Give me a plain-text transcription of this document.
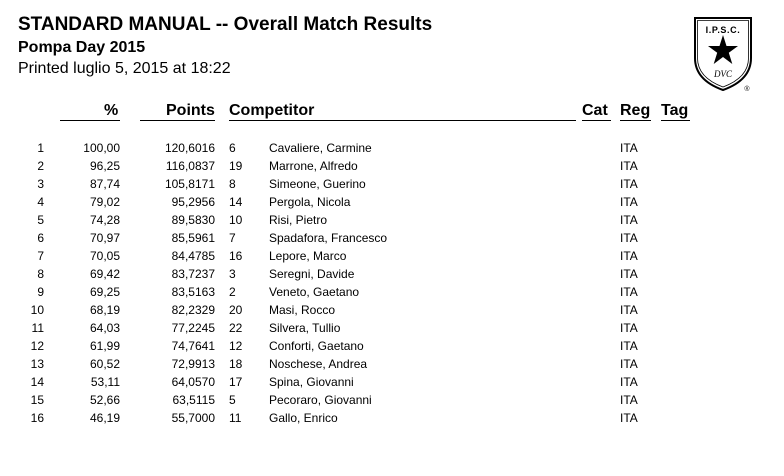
STANDARD MANUAL -- Overall Match Results
Pompa Day 2015
Printed luglio 5, 2015 at 18:22
I.P.S.C.
DVC
®
%	Points Competitor	Cat Reg Tag
1	100,00	120,6016 6	Cavaliere, Carmine	ITA
2	96,25	116,0837 19 Marrone, Alfredo	ITA
3	87,74	105,8171 8	Simeone, Guerino	ITA
4	79,02	95,2956 14 Pergola, Nicola	ITA
5	74,28	89,5830 10 Risi, Pietro	ITA
6	70,97	85,5961 7	Spadafora, Francesco	ITA
7	70,05	84,4785 16 Lepore, Marco	ITA
8	69,42	83,7237 3	Seregni, Davide	ITA
9	69,25	83,5163 2	Veneto, Gaetano	ITA
10	68,19	82,2329 20 Masi, Rocco	ITA
11	64,03	77,2245 22 Silvera, Tullio	ITA
12	61,99	74,7641 12 Conforti, Gaetano	ITA
13	60,52	72,9913 18 Noschese, Andrea	ITA
14	53,11	64,0570 17 Spina, Giovanni	ITA
15	52,66	63,5115 5	Pecoraro, Giovanni	ITA
16	46,19	55,7000 11 Gallo, Enrico	ITA
